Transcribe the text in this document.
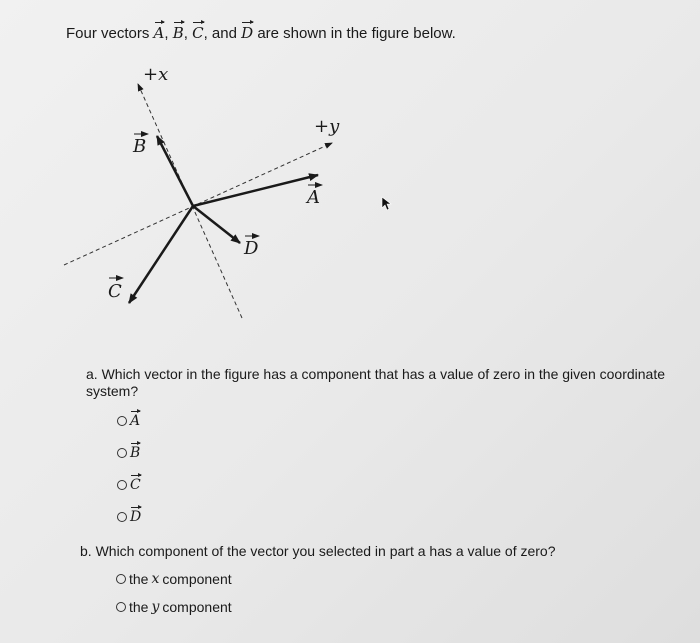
Four vectors A, B, C, and D are shown in the figure below.
+x
+y
A
B
C
D
a. Which vector in the figure has a component that has a value of zero in the given coordinate system?
A
B
C
D
b. Which component of the vector you selected in part a has a value of zero?
the x component
the y component
